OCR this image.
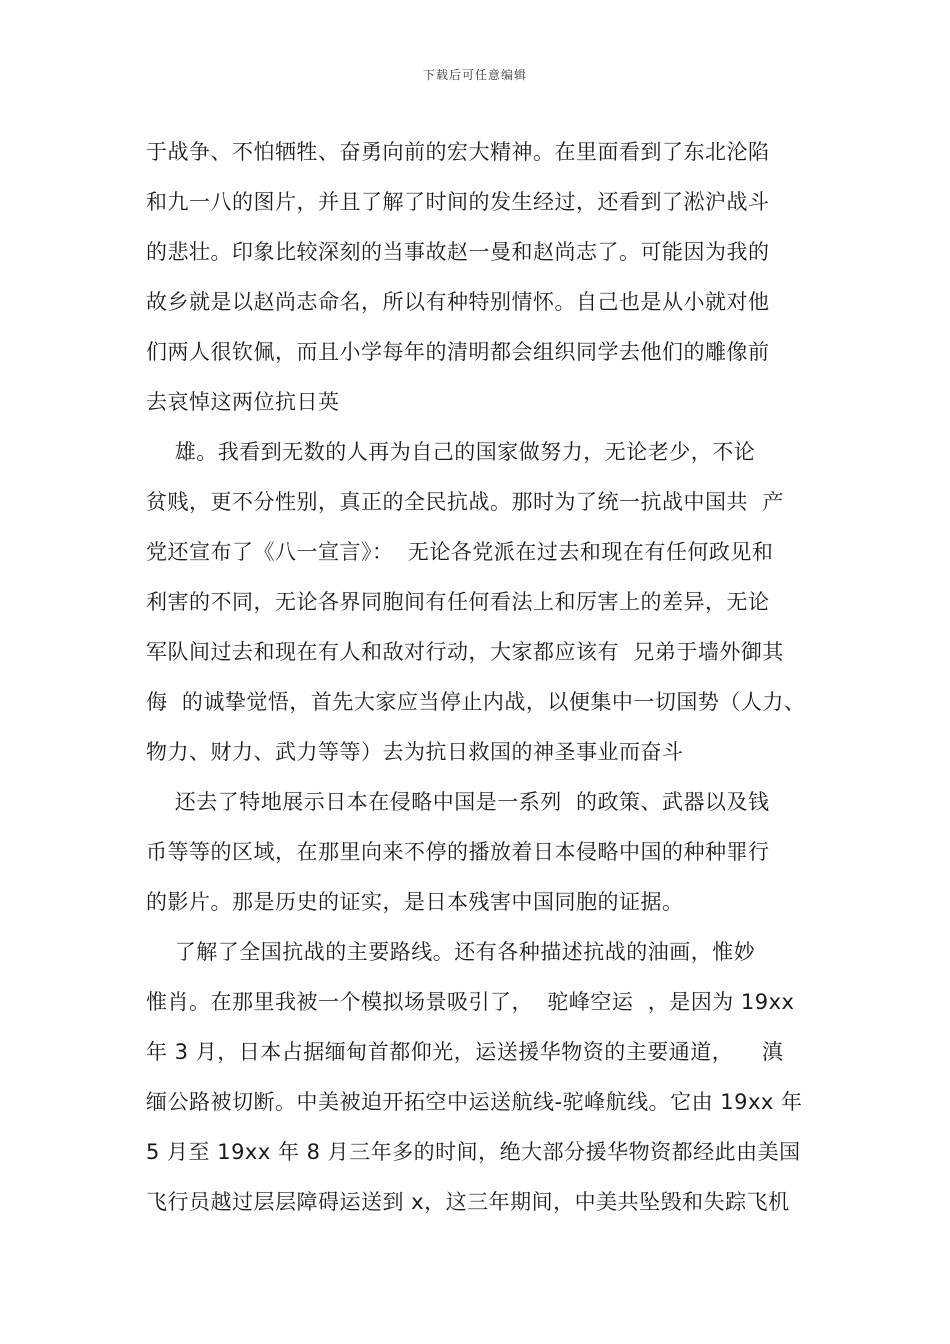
下载后可任意编辑
于战争、不怕牺牲、奋勇向前的宏大精神。在里面看到了东北沦陷
和九一八的图片，并且了解了时间的发生经过，还看到了淞沪战斗
的悲壮。印象比较深刻的当事故赵一曼和赵尚志了。可能因为我的
故乡就是以赵尚志命名，所以有种特别情怀。自己也是从小就对他
们两人很钦佩，而且小学每年的清明都会组织同学去他们的雕像前
去哀悼这两位抗日英
雄。我看到无数的人再为自己的国家做努力，无论老少，不论
贫贱，更不分性别，真正的全民抗战。那时为了统一抗战中国共  产
党还宣布了《八一宣言》：  无论各党派在过去和现在有任何政见和
利害的不同，无论各界同胞间有任何看法上和厉害上的差异，无论
军队间过去和现在有人和敌对行动，大家都应该有  兄弟于墙外御其
侮  的诚挚觉悟，首先大家应当停止内战，以便集中一切国势（人力、
物力、财力、武力等等）去为抗日救国的神圣事业而奋斗
还去了特地展示日本在侵略中国是一系列  的政策、武器以及钱
币等等的区域，在那里向来不停的播放着日本侵略中国的种种罪行
的影片。那是历史的证实，是日本残害中国同胞的证据。
了解了全国抗战的主要路线。还有各种描述抗战的油画，惟妙
惟肖。在那里我被一个模拟场景吸引了，  驼峰空运  ，是因为 19xx
年 3 月，日本占据缅甸首都仰光，运送援华物资的主要通道，    滇
缅公路被切断。中美被迫开拓空中运送航线-驼峰航线。它由 19xx 年
5 月至 19xx 年 8 月三年多的时间，绝大部分援华物资都经此由美国
飞行员越过层层障碍运送到 x，这三年期间，中美共坠毁和失踪飞机
